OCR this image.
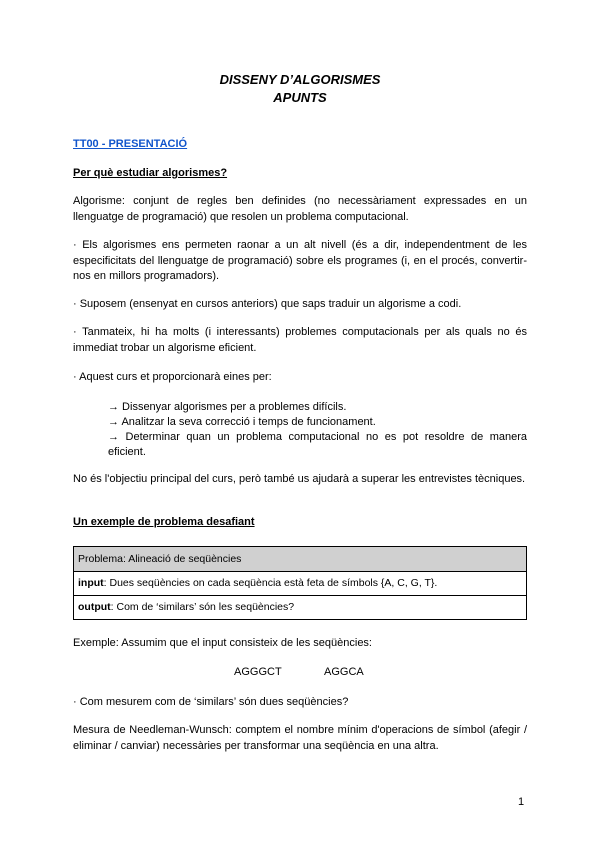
DISSENY D’ALGORISMES
APUNTS
TT00 - PRESENTACIÓ
Per què estudiar algorismes?
Algorisme: conjunt de regles ben definides (no necessàriament expressades en un llenguatge de programació) que resolen un problema computacional.
· Els algorismes ens permeten raonar a un alt nivell (és a dir, independentment de les especificitats del llenguatge de programació) sobre els programes (i, en el procés, convertir-nos en millors programadors).
· Suposem (ensenyat en cursos anteriors) que saps traduir un algorisme a codi.
· Tanmateix, hi ha molts (i interessants) problemes computacionals per als quals no és immediat trobar un algorisme eficient.
· Aquest curs et proporcionarà eines per:
→ Dissenyar algorismes per a problemes difícils.
→ Analitzar la seva correcció i temps de funcionament.
→ Determinar quan un problema computacional no es pot resoldre de manera eficient.
No és l'objectiu principal del curs, però també us ajudarà a superar les entrevistes tècniques.
Un exemple de problema desafiant
Problema: Alineació de seqüències
input: Dues seqüències on cada seqüència està feta de símbols {A, C, G, T}.
output: Com de ‘similars’ són les seqüències?
Exemple: Assumim que el input consisteix de les seqüències:
AGGGCT	AGGCA
· Com mesurem com de ‘similars’ són dues seqüències?
Mesura de Needleman-Wunsch: comptem el nombre mínim d'operacions de símbol (afegir / eliminar / canviar) necessàries per transformar una seqüència en una altra.
1
